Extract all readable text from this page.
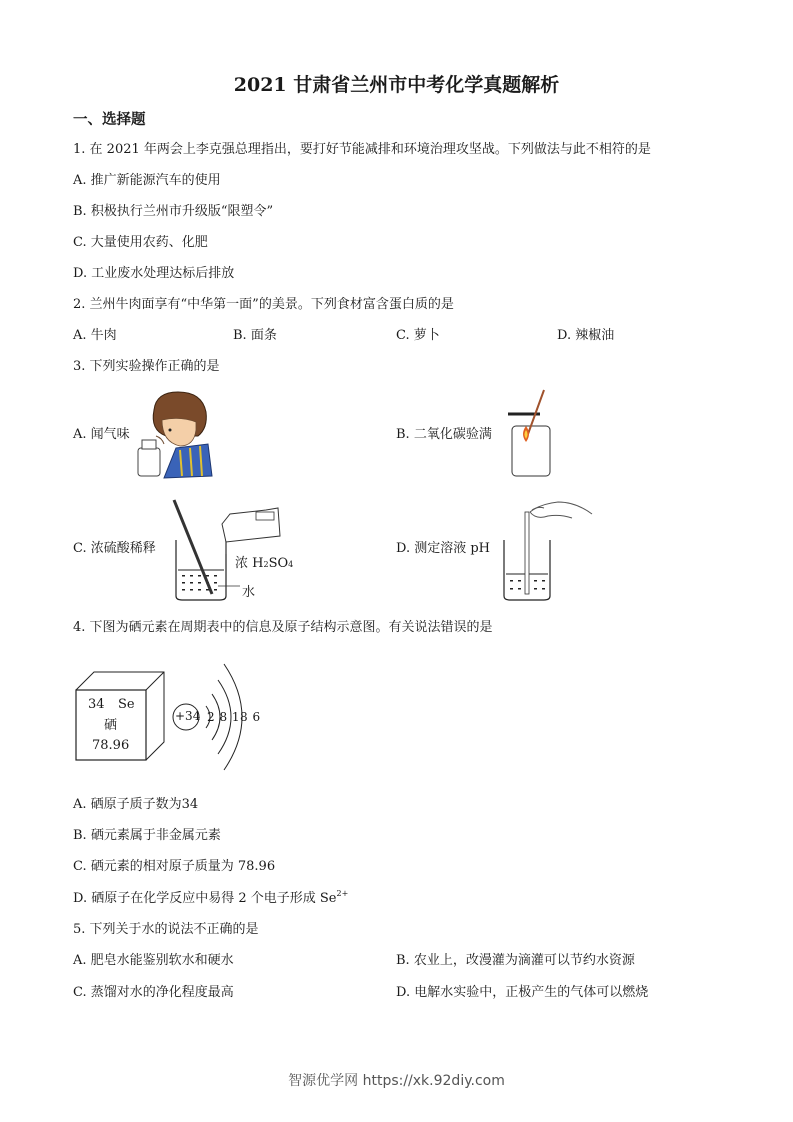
2021 甘肃省兰州市中考化学真题解析
一、选择题
1. 在 2021 年两会上李克强总理指出，要打好节能减排和环境治理攻坚战。下列做法与此不相符的是
A. 推广新能源汽车的使用
B. 积极执行兰州市升级版“限塑令”
C. 大量使用农药、化肥
D. 工业废水处理达标后排放
2. 兰州牛肉面享有“中华第一面”的美景。下列食材富含蛋白质的是
A. 牛肉	B. 面条	C. 萝卜	D. 辣椒油
3. 下列实验操作正确的是
A. 闻气味	B. 二氧化碳验满
C. 浓硫酸稀释	D. 测定溶液 pH
浓 H2SO4
水
4. 下图为硒元素在周期表中的信息及原子结构示意图。有关说法错误的是
34 Se
硒
78.96
+34 2 8 18 6
A. 硒原子质子数为34
B. 硒元素属于非金属元素
C. 硒元素的相对原子质量为 78.96
D. 硒原子在化学反应中易得 2 个电子形成 $Se^{2+}$
5. 下列关于水的说法不正确的是
A. 肥皂水能鉴别软水和硬水	B. 农业上，改漫灌为滴灌可以节约水资源
C. 蒸馏对水的净化程度最高	D. 电解水实验中，正极产生的气体可以燃烧
智源优学网 https://xk.92diy.com
